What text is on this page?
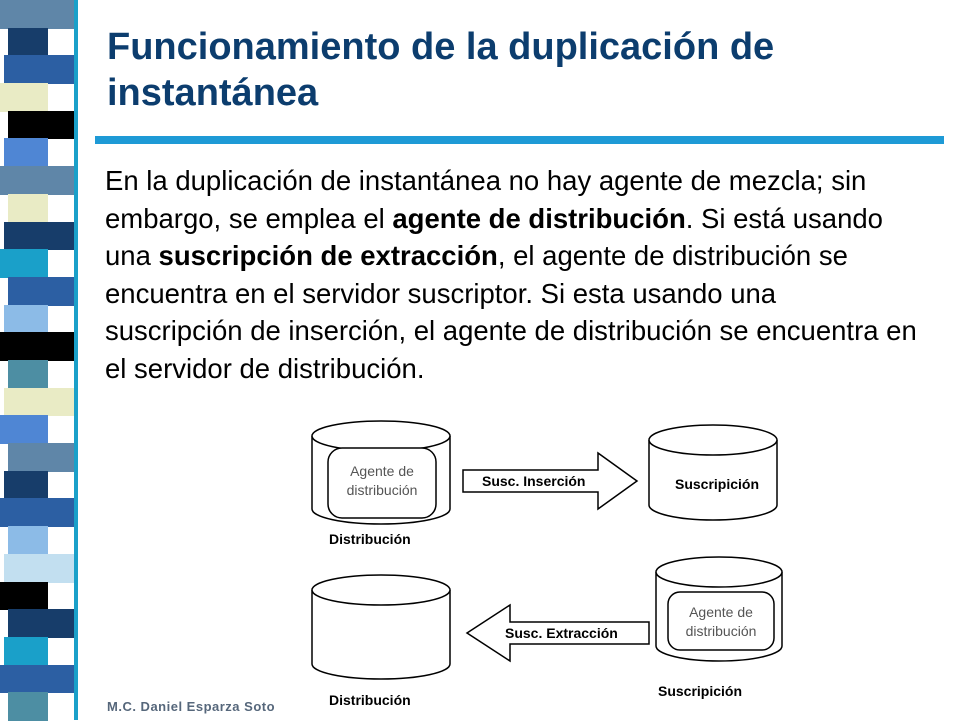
Funcionamiento de la duplicación de instantánea

En la duplicación de instantánea no hay agente de mezcla; sin embargo, se emplea el agente de distribución. Si está usando una suscripción de extracción, el agente de distribución se encuentra en el servidor suscriptor. Si esta usando una suscripción de inserción, el agente de distribución se encuentra en el servidor de distribución.

Agente de distribución
Distribución
Susc. Inserción	Suscripición
Distribución
Susc. Extracción
Agente de distribución
Suscripición
M.C. Daniel Esparza Soto
